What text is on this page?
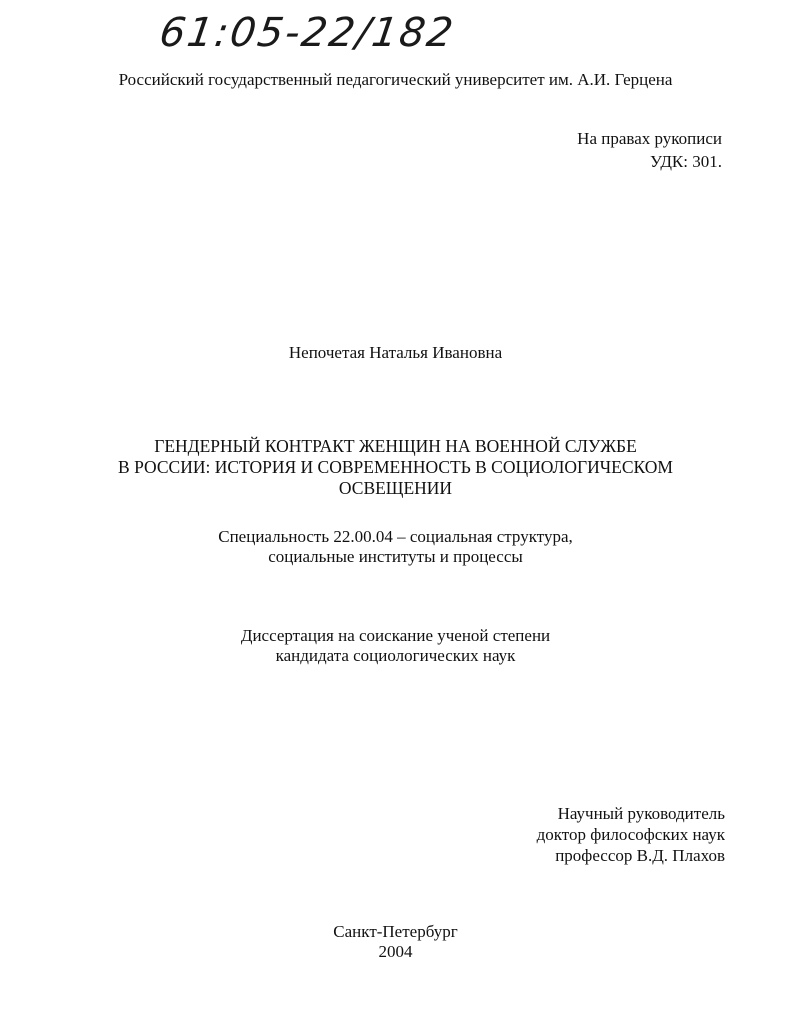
61:05-22/182
Российский государственный педагогический университет им. А.И. Герцена
На правах рукописи
УДК: 301.
Непочетая Наталья Ивановна
ГЕНДЕРНЫЙ КОНТРАКТ ЖЕНЩИН НА ВОЕННОЙ СЛУЖБЕ
В РОССИИ: ИСТОРИЯ И СОВРЕМЕННОСТЬ В СОЦИОЛОГИЧЕСКОМ
ОСВЕЩЕНИИ
Специальность 22.00.04 – социальная структура,
социальные институты и процессы
Диссертация на соискание ученой степени
кандидата социологических наук
Научный руководитель
доктор философских наук
профессор В.Д. Плахов
Санкт-Петербург
2004
